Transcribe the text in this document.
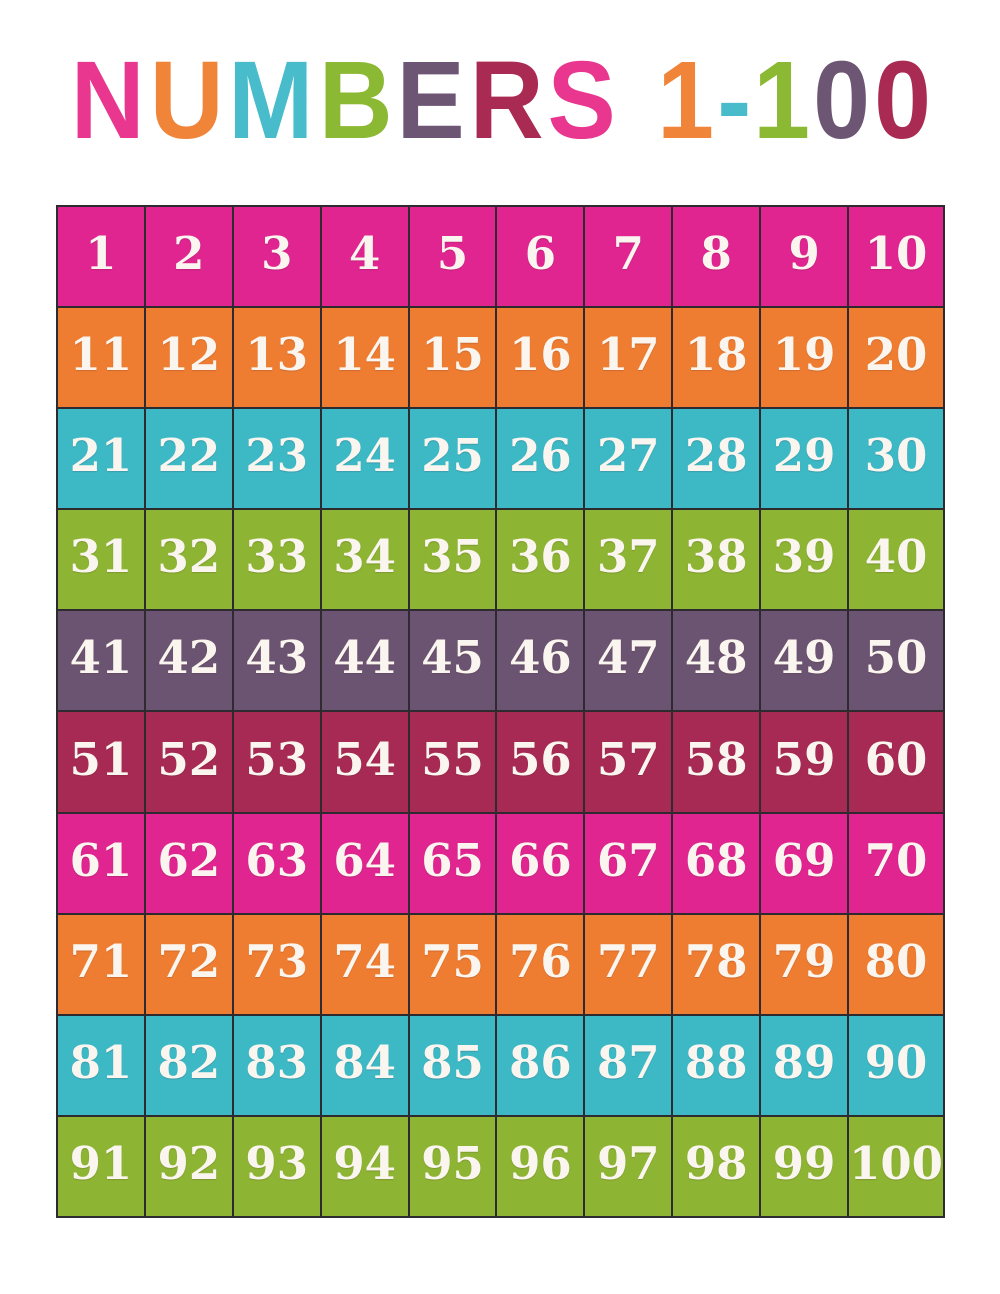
NUMBERS 1-100
1 2 3 4 5 6 7 8 9 10
11 12 13 14 15 16 17 18 19 20
21 22 23 24 25 26 27 28 29 30
31 32 33 34 35 36 37 38 39 40
41 42 43 44 45 46 47 48 49 50
51 52 53 54 55 56 57 58 59 60
61 62 63 64 65 66 67 68 69 70
71 72 73 74 75 76 77 78 79 80
81 82 83 84 85 86 87 88 89 90
91 92 93 94 95 96 97 98 99 100
